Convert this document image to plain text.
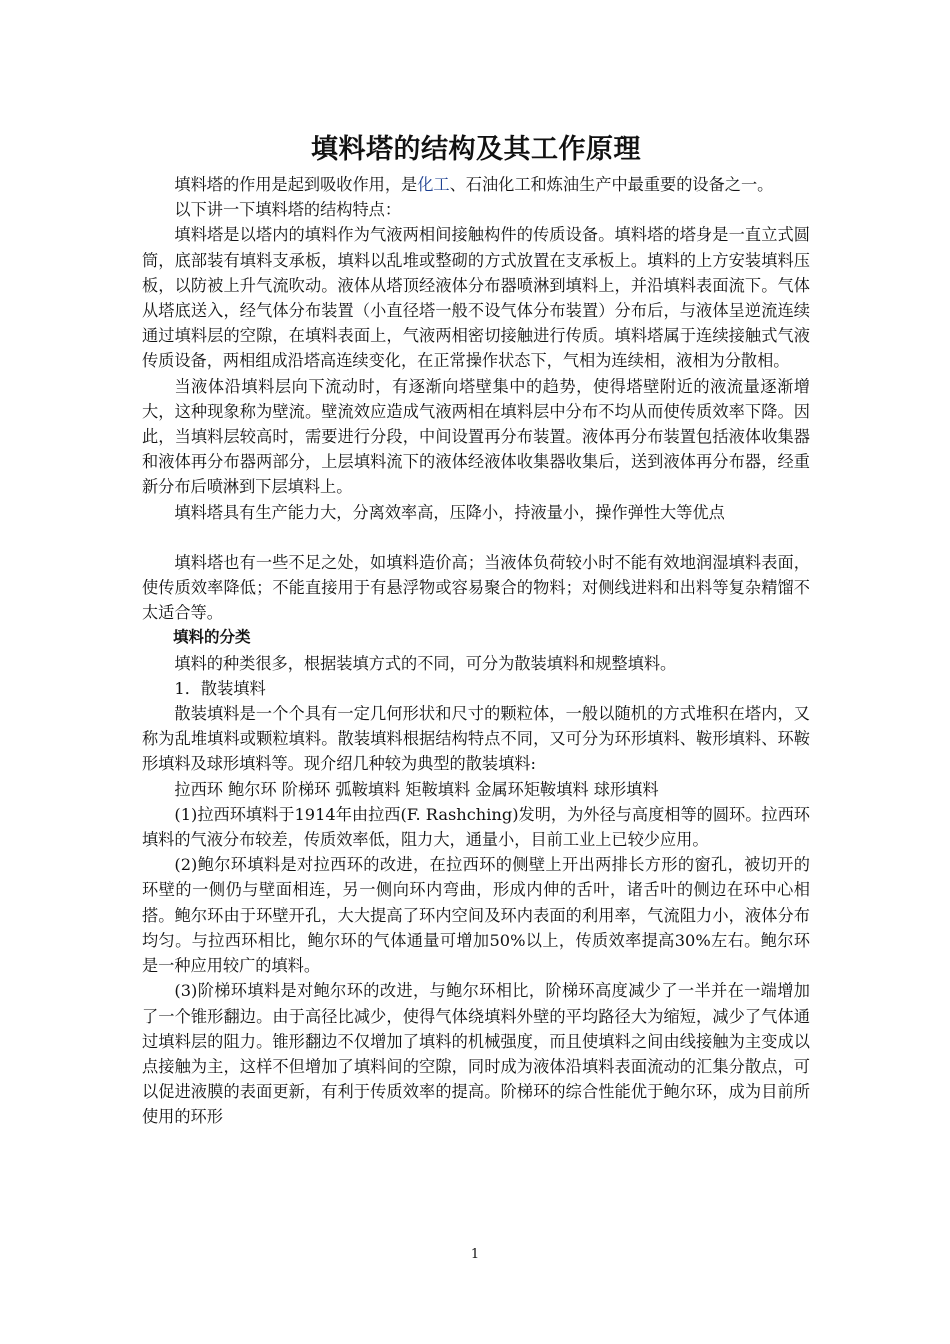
填料塔的结构及其工作原理

填料塔的作用是起到吸收作用，是化工、石油化工和炼油生产中最重要的设备之一。

以下讲一下填料塔的结构特点：

填料塔是以塔内的填料作为气液两相间接触构件的传质设备。填料塔的塔身是一直立式圆筒，底部装有填料支承板，填料以乱堆或整砌的方式放置在支承板上。填料的上方安装填料压板，以防被上升气流吹动。液体从塔顶经液体分布器喷淋到填料上，并沿填料表面流下。气体从塔底送入，经气体分布装置（小直径塔一般不设气体分布装置）分布后，与液体呈逆流连续通过填料层的空隙，在填料表面上，气液两相密切接触进行传质。填料塔属于连续接触式气液传质设备，两相组成沿塔高连续变化，在正常操作状态下，气相为连续相，液相为分散相。

当液体沿填料层向下流动时，有逐渐向塔壁集中的趋势，使得塔壁附近的液流量逐渐增大，这种现象称为壁流。壁流效应造成气液两相在填料层中分布不均从而使传质效率下降。因此，当填料层较高时，需要进行分段，中间设置再分布装置。液体再分布装置包括液体收集器和液体再分布器两部分，上层填料流下的液体经液体收集器收集后，送到液体再分布器，经重新分布后喷淋到下层填料上。

填料塔具有生产能力大，分离效率高，压降小，持液量小，操作弹性大等优点

填料塔也有一些不足之处，如填料造价高；当液体负荷较小时不能有效地润湿填料表面，使传质效率降低；不能直接用于有悬浮物或容易聚合的物料；对侧线进料和出料等复杂精馏不太适合等。

填料的分类

填料的种类很多，根据装填方式的不同，可分为散装填料和规整填料。

1．散装填料

散装填料是一个个具有一定几何形状和尺寸的颗粒体，一般以随机的方式堆积在塔内，又称为乱堆填料或颗粒填料。散装填料根据结构特点不同，又可分为环形填料、鞍形填料、环鞍形填料及球形填料等。现介绍几种较为典型的散装填料:

拉西环 鲍尔环 阶梯环 弧鞍填料 矩鞍填料 金属环矩鞍填料 球形填料

(1)拉西环填料于1914年由拉西(F. Rashching)发明，为外径与高度相等的圆环。拉西环填料的气液分布较差，传质效率低，阻力大，通量小，目前工业上已较少应用。

(2)鲍尔环填料是对拉西环的改进，在拉西环的侧壁上开出两排长方形的窗孔，被切开的环壁的一侧仍与壁面相连，另一侧向环内弯曲，形成内伸的舌叶，诸舌叶的侧边在环中心相搭。鲍尔环由于环壁开孔，大大提高了环内空间及环内表面的利用率，气流阻力小，液体分布均匀。与拉西环相比，鲍尔环的气体通量可增加50%以上，传质效率提高30%左右。鲍尔环是一种应用较广的填料。

(3)阶梯环填料是对鲍尔环的改进，与鲍尔环相比，阶梯环高度减少了一半并在一端增加了一个锥形翻边。由于高径比减少，使得气体绕填料外壁的平均路径大为缩短，减少了气体通过填料层的阻力。锥形翻边不仅增加了填料的机械强度，而且使填料之间由线接触为主变成以点接触为主，这样不但增加了填料间的空隙，同时成为液体沿填料表面流动的汇集分散点，可以促进液膜的表面更新，有利于传质效率的提高。阶梯环的综合性能优于鲍尔环，成为目前所使用的环形

1
